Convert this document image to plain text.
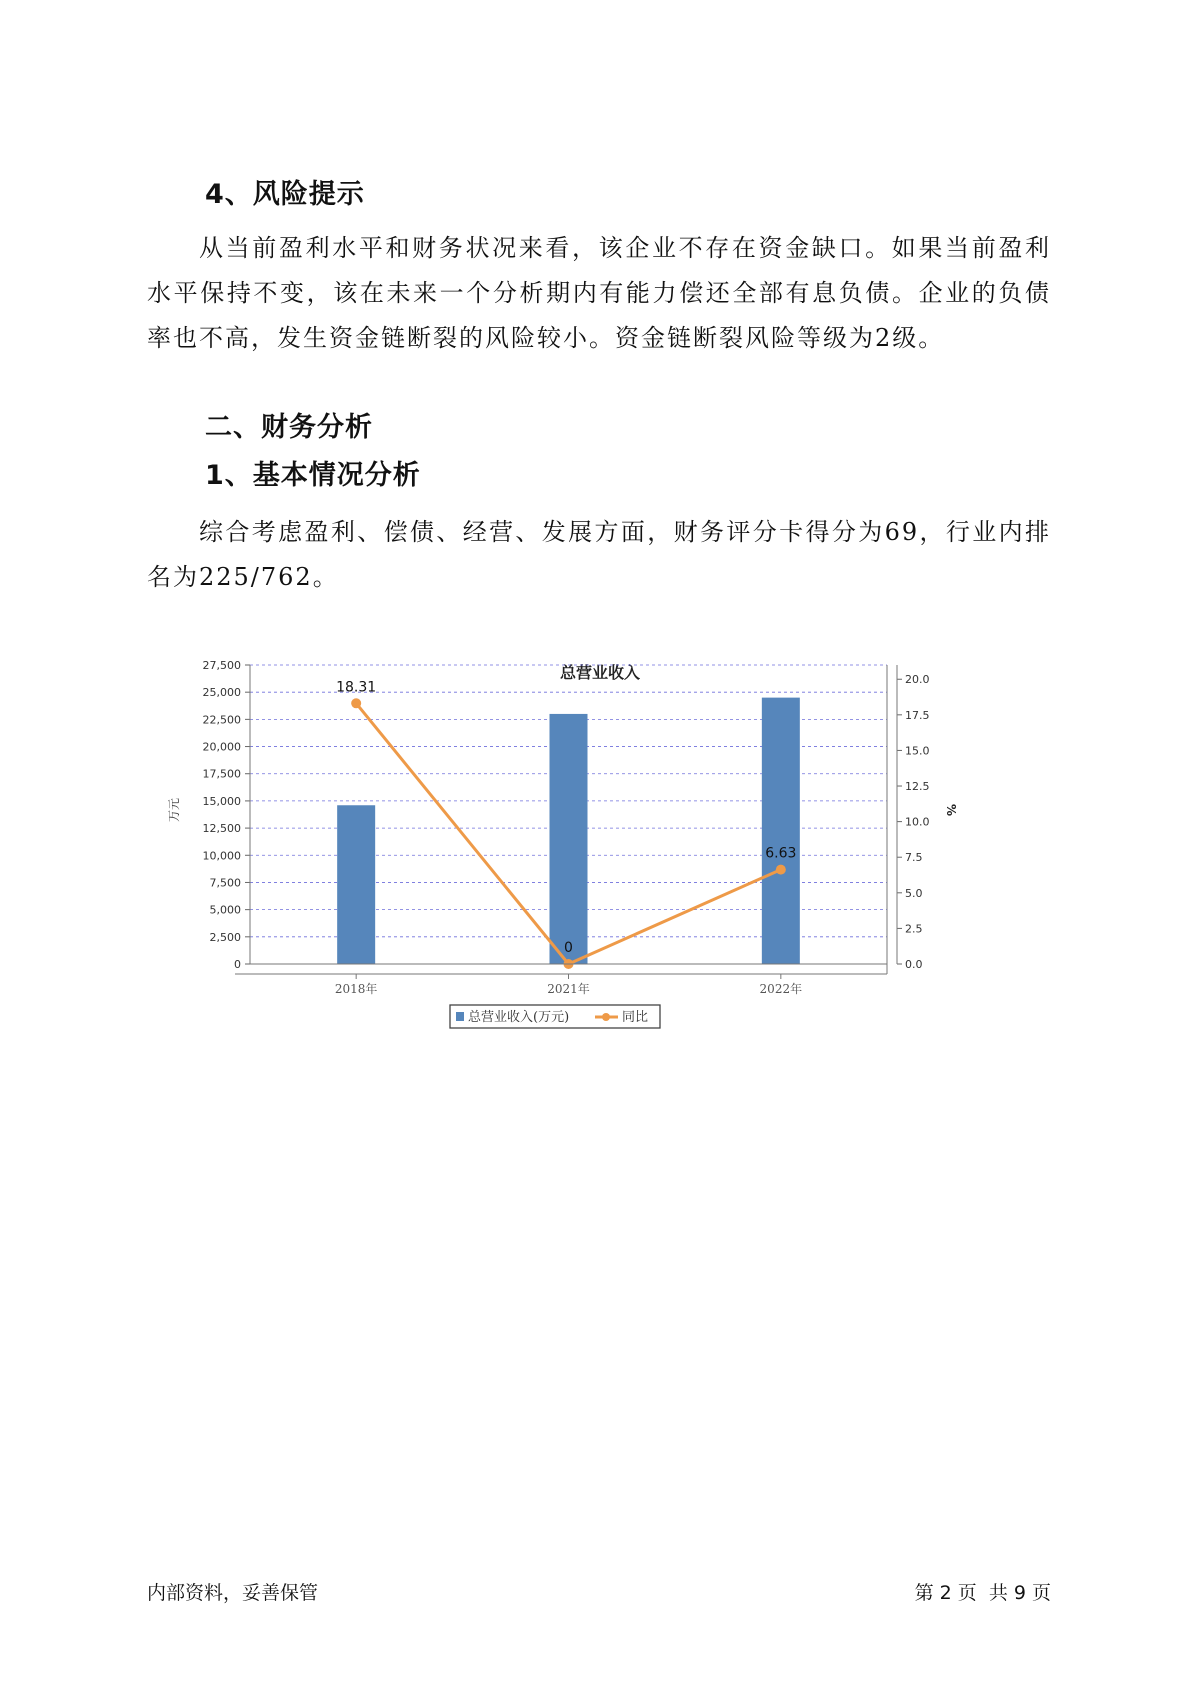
4、风险提示

从当前盈利水平和财务状况来看，该企业不存在资金缺口。如果当前盈利水平保持不变，该在未来一个分析期内有能力偿还全部有息负债。企业的负债率也不高，发生资金链断裂的风险较小。资金链断裂风险等级为2级。

二、财务分析
1、基本情况分析

综合考虑盈利、偿债、经营、发展方面，财务评分卡得分为69，行业内排名为225/762。

总营业收入
18.31
0
6.63
0
2,500
5,000
7,500
10,000
12,500
15,000
17,500
20,000
22,500
25,000
27,500
0.0
2.5
5.0
7.5
10.0
12.5
15.0
17.5
20.0
万元	%
2018年	2021年	2022年
总营业收入(万元)	同比
内部资料，妥善保管	第 2 页  共 9 页
